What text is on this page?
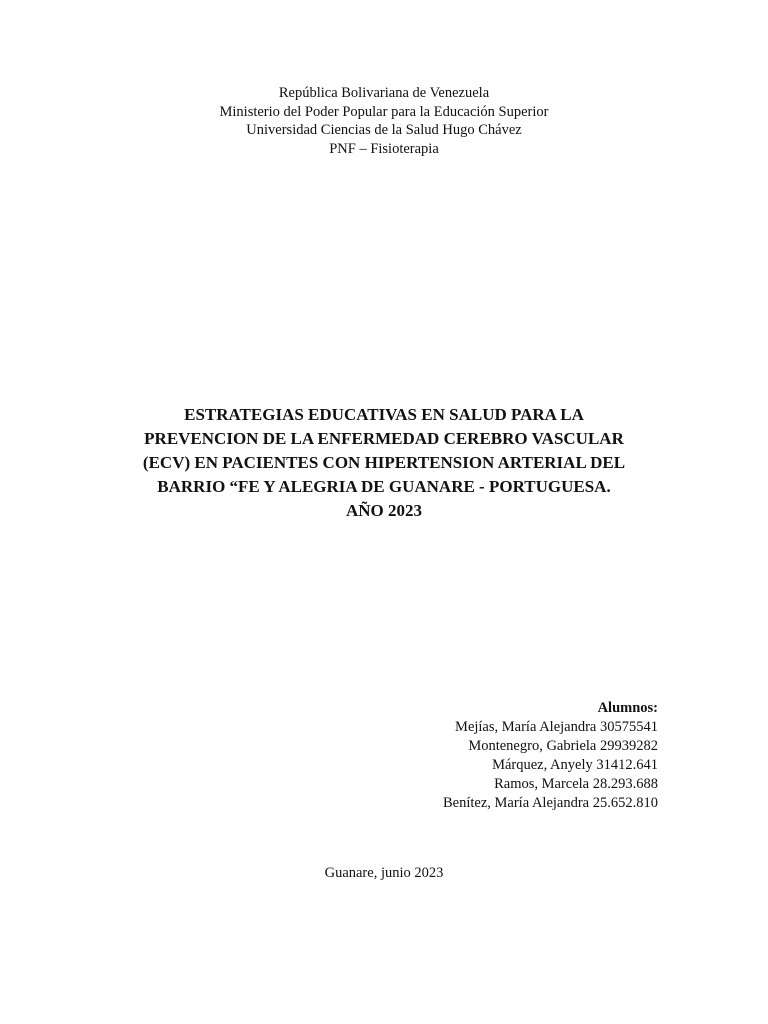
República Bolivariana de Venezuela
Ministerio del Poder Popular para la Educación Superior
Universidad Ciencias de la Salud Hugo Chávez
PNF – Fisioterapia
ESTRATEGIAS EDUCATIVAS EN SALUD PARA LA
PREVENCION DE LA ENFERMEDAD CEREBRO VASCULAR
(ECV) EN PACIENTES CON HIPERTENSION ARTERIAL DEL
BARRIO “FE Y ALEGRIA DE GUANARE - PORTUGUESA.
AÑO 2023
Alumnos:
Mejías, María Alejandra 30575541
Montenegro, Gabriela 29939282
Márquez, Anyely 31412.641
Ramos, Marcela 28.293.688
Benítez, María Alejandra 25.652.810
Guanare, junio 2023
